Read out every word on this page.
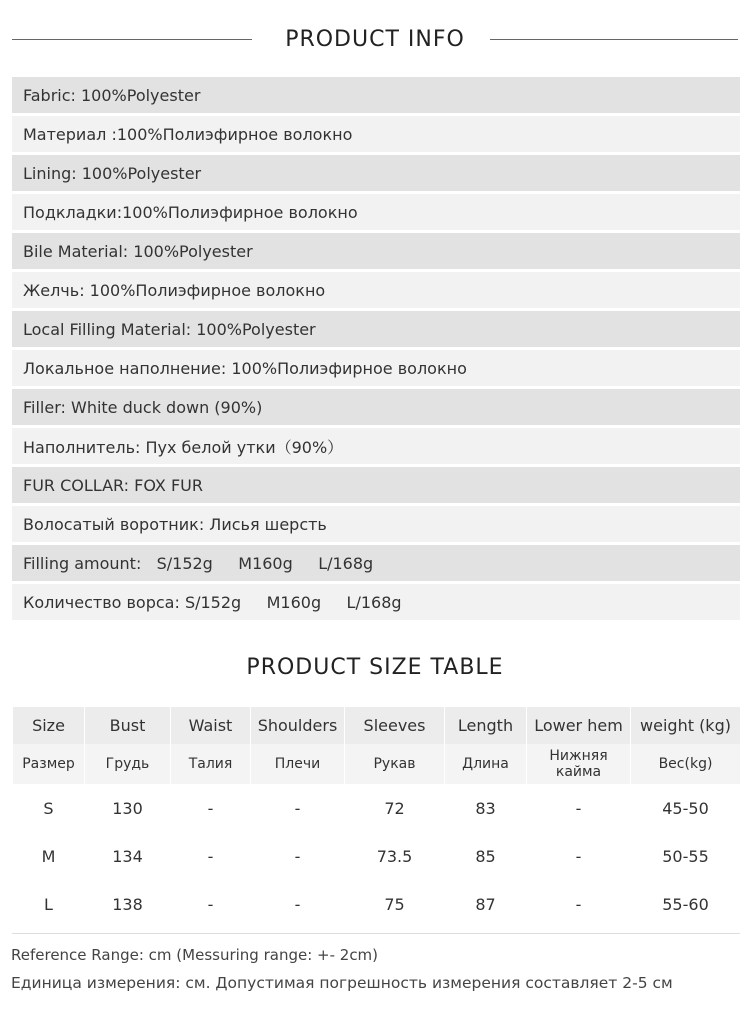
PRODUCT INFO
Fabric: 100%Polyester
Материал :100%Полиэфирное волокно
Lining: 100%Polyester
Подкладки:100%Полиэфирное волокно
Bile Material: 100%Polyester
Желчь: 100%Полиэфирное волокно
Local Filling Material: 100%Polyester
Локальное наполнение: 100%Полиэфирное волокно
Filler: White duck down (90%)
Наполнитель: Пух белой утки（90%）
FUR COLLAR: FOX FUR
Волосатый воротник: Лисья шерсть
Filling amount:   S/152g     M160g     L/168g
Количество ворса: S/152g     M160g     L/168g
PRODUCT SIZE TABLE
Size	Bust	Waist	Shoulders	Sleeves	Length	Lower hem	weight (kg)
Размер	Грудь	Талия	Плечи	Рукав	Длина	Нижняя кайма	Вес(kg)
S	130	-	-	72	83	-	45-50
M	134	-	-	73.5	85	-	50-55
L	138	-	-	75	87	-	55-60
Reference Range: cm (Messuring range: +- 2cm)
Единица измерения: см. Допустимая погрешность измерения составляет 2-5 см
